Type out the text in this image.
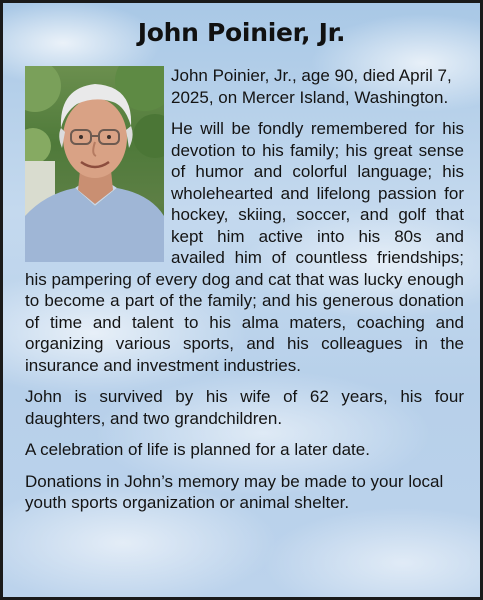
John Poinier, Jr.

John Poinier, Jr., age 90, died April 7, 2025, on Mercer Island, Washington.

He will be fondly remembered for his devotion to his family; his great sense of humor and colorful language; his wholehearted and lifelong passion for hockey, skiing, soccer, and golf that kept him active into his 80s and availed him of countless friendships; his pampering of every dog and cat that was lucky enough to become a part of the family; and his generous donation of time and talent to his alma maters, coaching and organizing various sports, and his colleagues in the insurance and investment industries.

John is survived by his wife of 62 years, his four daughters, and two grandchildren.

A celebration of life is planned for a later date.

Donations in John’s memory may be made to your local youth sports organization or animal shelter.
